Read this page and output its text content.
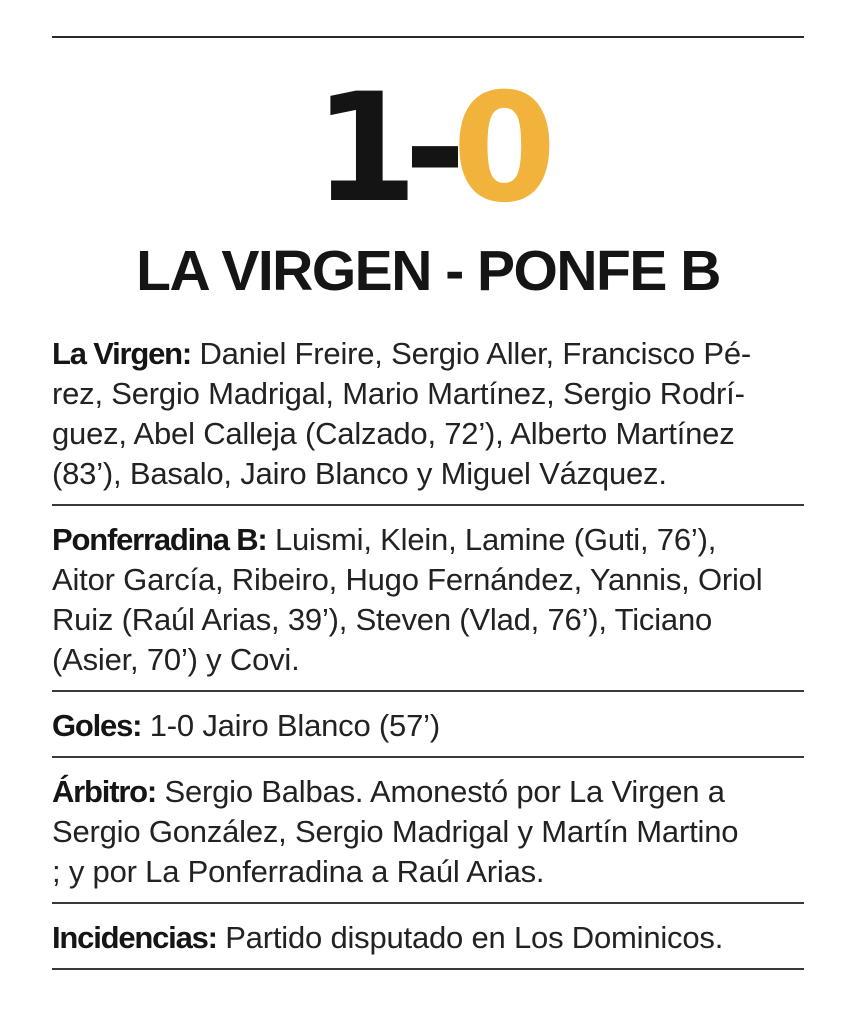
1-0
LA VIRGEN - PONFE B
La Virgen: Daniel Freire, Sergio Aller, Francisco Pé-
rez, Sergio Madrigal, Mario Martínez, Sergio Rodrí-
guez, Abel Calleja (Calzado, 72’), Alberto Martínez
(83’), Basalo, Jairo Blanco y Miguel Vázquez.
Ponferradina B: Luismi, Klein, Lamine (Guti, 76’),
Aitor García, Ribeiro, Hugo Fernández, Yannis, Oriol
Ruiz (Raúl Arias, 39’), Steven (Vlad, 76’), Ticiano
(Asier, 70’) y Covi.
Goles: 1-0 Jairo Blanco (57’)
Árbitro: Sergio Balbas. Amonestó por La Virgen a
Sergio González, Sergio Madrigal y Martín Martino
; y por La Ponferradina a Raúl Arias.
Incidencias: Partido disputado en Los Dominicos.
